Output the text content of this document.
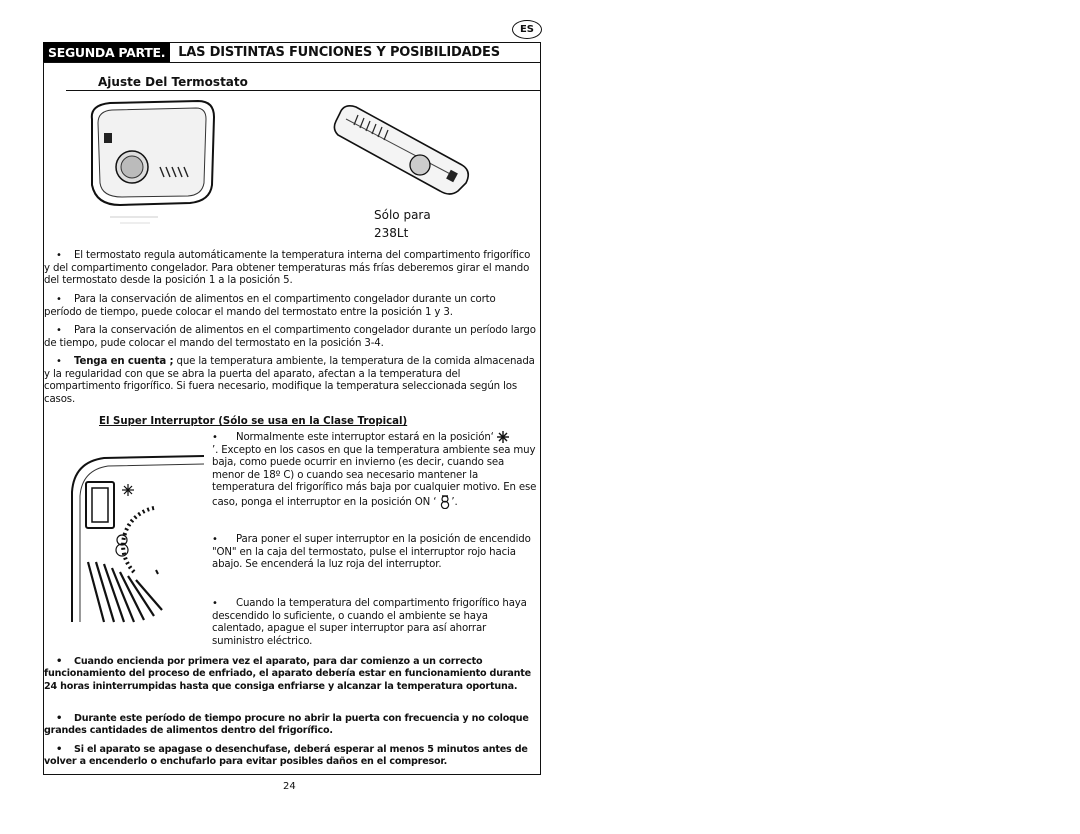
ES
SEGUNDA PARTE.	LAS DISTINTAS FUNCIONES Y POSIBILIDADES
Ajuste Del Termostato
Sólo para
238Lt

• El termostato regula automáticamente la temperatura interna del compartimento frigorífico y del compartimento congelador. Para obtener temperaturas más frías deberemos girar el mando del termostato desde la posición 1 a la posición 5.

• Para la conservación de alimentos en el compartimento congelador durante un corto período de tiempo, puede colocar el mando del termostato entre la posición 1 y 3.

• Para la conservación de alimentos en el compartimento congelador durante un período largo de tiempo, pude colocar el mando del termostato en la posición 3-4.

• Tenga en cuenta ; que la temperatura ambiente, la temperatura de la comida almacenada y la regularidad con que se abra la puerta del aparato, afectan a la temperatura del compartimento frigorífico. Si fuera necesario, modifique la temperatura seleccionada según los casos.

El Super Interruptor (Sólo se usa en la Clase Tropical)

• Normalmente este interruptor estará en la posición‘
’. Excepto en los casos en que la temperatura ambiente sea muy baja, como puede ocurrir en invierno (es decir, cuando sea menor de 18º C) o cuando sea necesario mantener la temperatura del frigorífico más baja por cualquier motivo. En ese caso, ponga el interruptor en la posición ON ‘ ’.

• Para poner el super interruptor en la posición de encendido "ON" en la caja del termostato, pulse el interruptor rojo hacia abajo. Se encenderá la luz roja del interruptor.

• Cuando la temperatura del compartimento frigorífico haya descendido lo suficiente, o cuando el ambiente se haya calentado, apague el super interruptor para así ahorrar suministro eléctrico.

• Cuando encienda por primera vez el aparato, para dar comienzo a un correcto funcionamiento del proceso de enfriado, el aparato debería estar en funcionamiento durante 24 horas ininterrumpidas hasta que consiga enfriarse y alcanzar la temperatura oportuna.

• Durante este período de tiempo procure no abrir la puerta con frecuencia y no coloque grandes cantidades de alimentos dentro del frigorífico.

• Si el aparato se apagase o desenchufase, deberá esperar al menos 5 minutos antes de volver a encenderlo o enchufarlo para evitar posibles daños en el compresor.

24
